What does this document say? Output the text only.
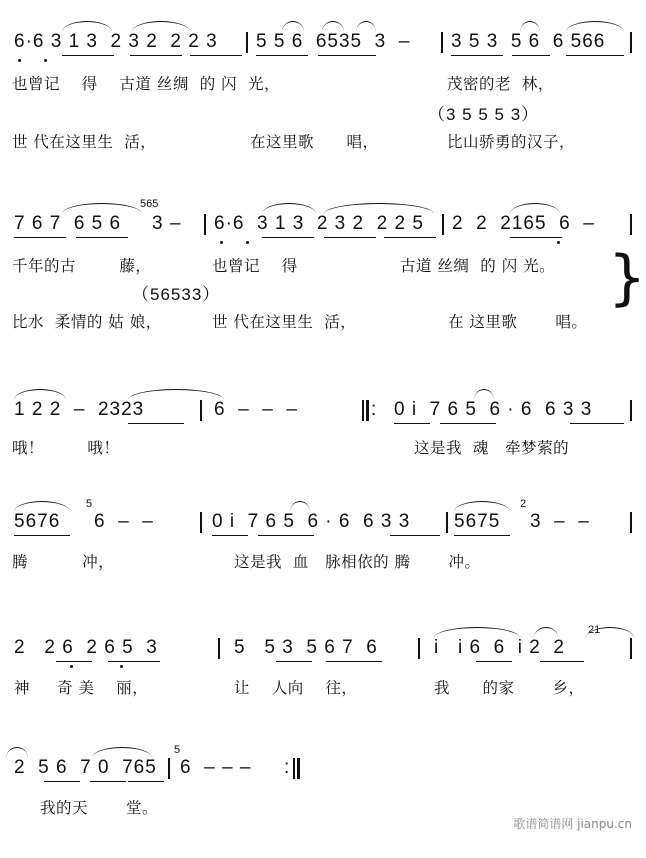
6·6 3 1 3  2 3 2  2 2 3 5 5 6  6535  3  – 3 5 3  5 6  6 566

也曾记    得    古道 丝绸  的 闪  光，

	茂密的老  林，

（3 5 5 5 3）

世 代在这里生  活，

	在这里歌      唱，

	比山骄勇的汉子，

7 6 7  6 5 6
565
3 – 6·6  3 1 3  2 3 2  2 2 5 2  2  2165  6  –

千年的古        藤，

	也曾记    得

	古道 丝绸  的 闪 光。

}
（56533）

比水  柔情的 姑 娘，

	世 代在这里生  活，

	在 这里歌       唱。

1 2 2  –  2323	6  –  –  –	: 0 i  7 6 5  6 · 6  6 3 3

哦！        哦！

	这是我  魂   牵梦萦的

5676
5
6  –  –	0 i  7 6 5  6 · 6  6 3 3 5675
2
3  –  –

腾          冲，

	这是我  血   脉相依的 腾       冲。

2   2 6  2 6 5  3	5   5 3  5 6 7  6	i   i 6  6  i 2  2
21

神     奇 美    丽，

	让    人向    往，

	我      的家       乡，

2  5 6  7 0  765
5
6  – – – :

我的天       堂。

歌谱简谱网 jianpu.cn
